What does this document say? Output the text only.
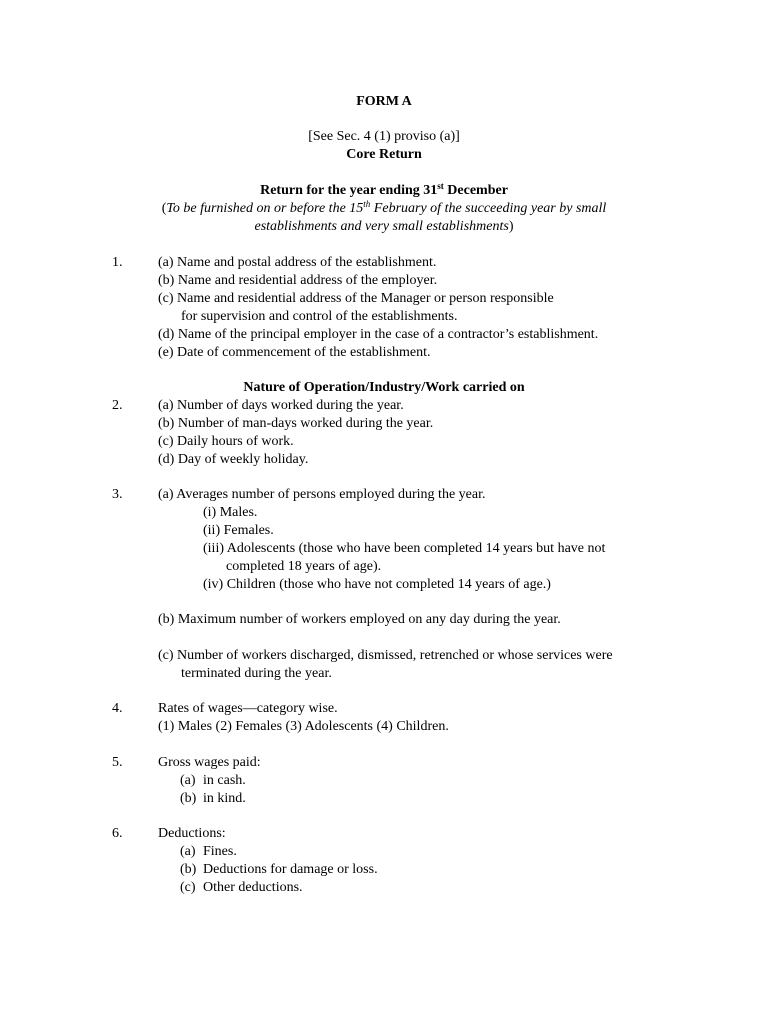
FORM A
[See Sec. 4 (1) proviso (a)]
Core Return
Return for the year ending 31st December
(To be furnished on or before the 15th February of the succeeding year by small
establishments and very small establishments)
1.	(a) Name and postal address of the establishment.
(b) Name and residential address of the employer.
(c) Name and residential address of the Manager or person responsible
for supervision and control of the establishments.
(d) Name of the principal employer in the case of a contractor’s establishment.
(e) Date of commencement of the establishment.
Nature of Operation/Industry/Work carried on
2.	(a) Number of days worked during the year.
(b) Number of man-days worked during the year.
(c) Daily hours of work.
(d) Day of weekly holiday.
3.	(a) Averages number of persons employed during the year.
(i) Males.
(ii) Females.
(iii) Adolescents (those who have been completed 14 years but have not
completed 18 years of age).
(iv) Children (those who have not completed 14 years of age.)
(b) Maximum number of workers employed on any day during the year.
(c) Number of workers discharged, dismissed, retrenched or whose services were
terminated during the year.
4.	Rates of wages—category wise.
(1) Males (2) Females (3) Adolescents (4) Children.
5.	Gross wages paid:
(a) in cash.
(b) in kind.
6.	Deductions:
(a) Fines.
(b) Deductions for damage or loss.
(c) Other deductions.
